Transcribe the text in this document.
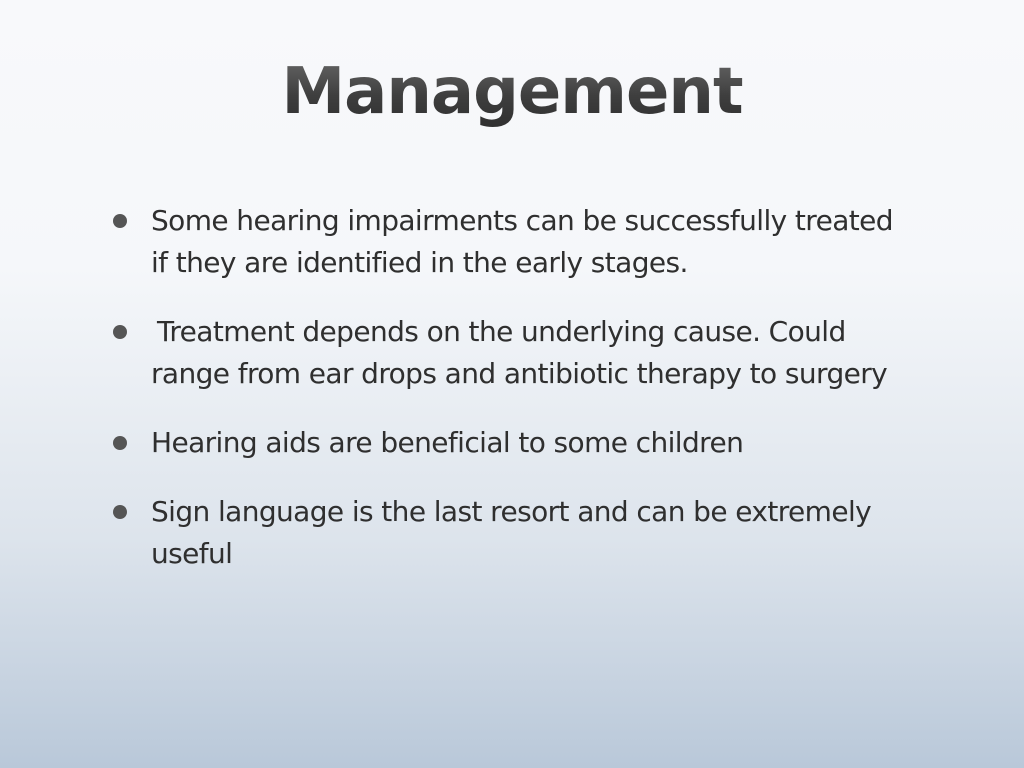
Management
Some hearing impairments can be successfully treated if they are identified in the early stages.
Treatment depends on the underlying cause. Could range from ear drops and antibiotic therapy to surgery
Hearing aids are beneficial to some children
Sign language is the last resort and can be extremely useful
